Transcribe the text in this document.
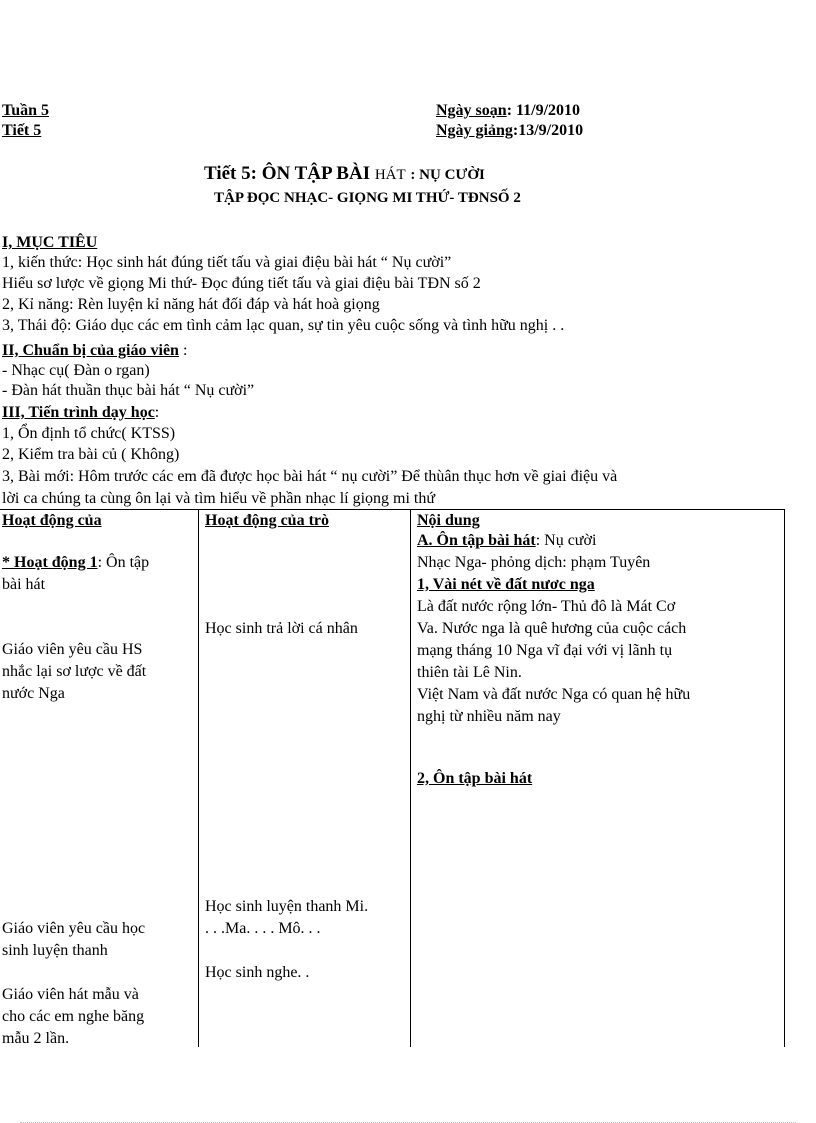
Tuần 5
Tiết 5
Ngày soạn: 11/9/2010
Ngày giảng:13/9/2010
Tiết 5: ÔN TẬP BÀI HÁT : NỤ CƯỜI
TẬP ĐỌC NHẠC- GIỌNG MI THỨ- TĐNSỐ 2
I, MỤC TIÊU
1, kiến thức: Học sinh hát đúng tiết tấu và giai điệu bài hát “ Nụ cười”
Hiểu sơ lược về giọng Mi thứ- Đọc đúng tiết tấu và giai điệu bài TĐN số 2
2, Kỉ năng: Rèn luyện kỉ năng hát đối đáp và hát hoà giọng
3, Thái độ: Giáo dục các em tình cảm lạc quan, sự tin yêu cuộc sống và tình hữu nghị . .
II, Chuẩn bị của giáo viên :
- Nhạc cụ( Đàn o rgan)
- Đàn hát thuần thục bài hát “ Nụ cười”
III, Tiến trình dạy học:
1, Ổn định tổ chức( KTSS)
2, Kiểm tra bài củ ( Không)
3, Bài mới: Hôm trước các em đã được học bài hát “ nụ cười” Để thùân thục hơn về giai điệu và
lời ca chúng ta cùng ôn lại và tìm hiểu về phần nhạc lí giọng mi thứ
Hoạt động của	Hoạt động của trò	Nội dung
* Hoạt động 1: Ôn tập
bài hát
Giáo viên yêu cầu HS
nhắc lại sơ lược về đất
nước Nga
Giáo viên yêu cầu học
sinh luyện thanh
Giáo viên hát mẫu và
cho các em nghe băng
mẫu 2 lần.
Học sinh trả lời cá nhân
Học sinh luyện thanh Mi.
. . .Ma. . . . Mô. . .
Học sinh nghe. .
A. Ôn tập bài hát: Nụ cười
Nhạc Nga- phỏng dịch: phạm Tuyên
1, Vài nét về đất nươc nga
Là đất nước rộng lớn- Thủ đô là Mát Cơ
Va. Nước nga là quê hương của cuộc cách
mạng tháng 10 Nga vĩ đại với vị lãnh tụ
thiên tài Lê Nin.
Việt Nam và đất nước Nga có quan hệ hữu
nghị từ nhiều năm nay
2, Ôn tập bài hát
